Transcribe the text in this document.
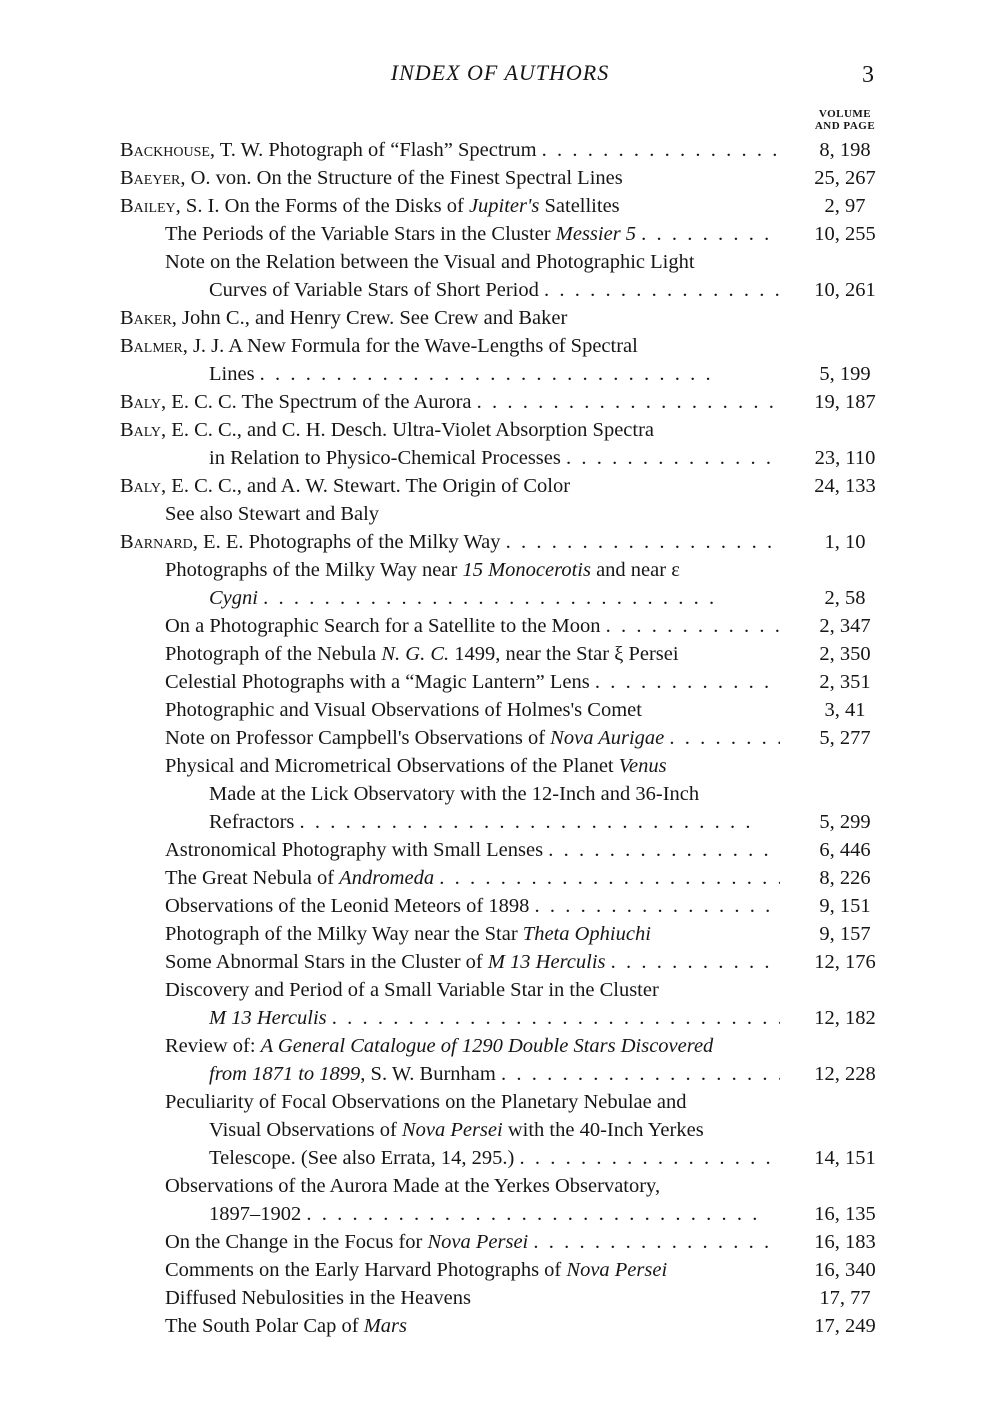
INDEX OF AUTHORS	3
VOLUME
AND PAGE
Backhouse, T. W. Photograph of “Flash” Spectrum . .	8, 198
Baeyer, O. von. On the Structure of the Finest Spectral Lines	25, 267
Bailey, S. I. On the Forms of the Disks of Jupiter's Satellites	2, 97
The Periods of the Variable Stars in the Cluster Messier 5 . .	10, 255
Note on the Relation between the Visual and Photographic Light
Curves of Variable Stars of Short Period . .	10, 261
Baker, John C., and Henry Crew. See Crew and Baker
Balmer, J. J. A New Formula for the Wave-Lengths of Spectral
Lines . .	5, 199
Baly, E. C. C. The Spectrum of the Aurora . .	19, 187
Baly, E. C. C., and C. H. Desch. Ultra-Violet Absorption Spectra
in Relation to Physico-Chemical Processes . .	23, 110
Baly, E. C. C., and A. W. Stewart. The Origin of Color	24, 133
See also Stewart and Baly
Barnard, E. E. Photographs of the Milky Way . .	1, 10
Photographs of the Milky Way near 15 Monocerotis and near ε
Cygni . .	2, 58
On a Photographic Search for a Satellite to the Moon . .	2, 347
Photograph of the Nebula N. G. C. 1499, near the Star ξ Persei	2, 350
Celestial Photographs with a “Magic Lantern” Lens . .	2, 351
Photographic and Visual Observations of Holmes's Comet	3, 41
Note on Professor Campbell's Observations of Nova Aurigae . .	5, 277
Physical and Micrometrical Observations of the Planet Venus
Made at the Lick Observatory with the 12-Inch and 36-Inch
Refractors . .	5, 299
Astronomical Photography with Small Lenses . .	6, 446
The Great Nebula of Andromeda . .	8, 226
Observations of the Leonid Meteors of 1898 . .	9, 151
Photograph of the Milky Way near the Star Theta Ophiuchi	9, 157
Some Abnormal Stars in the Cluster of M 13 Herculis . .	12, 176
Discovery and Period of a Small Variable Star in the Cluster
M 13 Herculis . .	12, 182
Review of: A General Catalogue of 1290 Double Stars Discovered
from 1871 to 1899, S. W. Burnham . .	12, 228
Peculiarity of Focal Observations on the Planetary Nebulae and
Visual Observations of Nova Persei with the 40-Inch Yerkes
Telescope. (See also Errata, 14, 295.) . .	14, 151
Observations of the Aurora Made at the Yerkes Observatory,
1897–1902 . .	16, 135
On the Change in the Focus for Nova Persei . .	16, 183
Comments on the Early Harvard Photographs of Nova Persei	16, 340
Diffused Nebulosities in the Heavens	17, 77
The South Polar Cap of Mars	17, 249
